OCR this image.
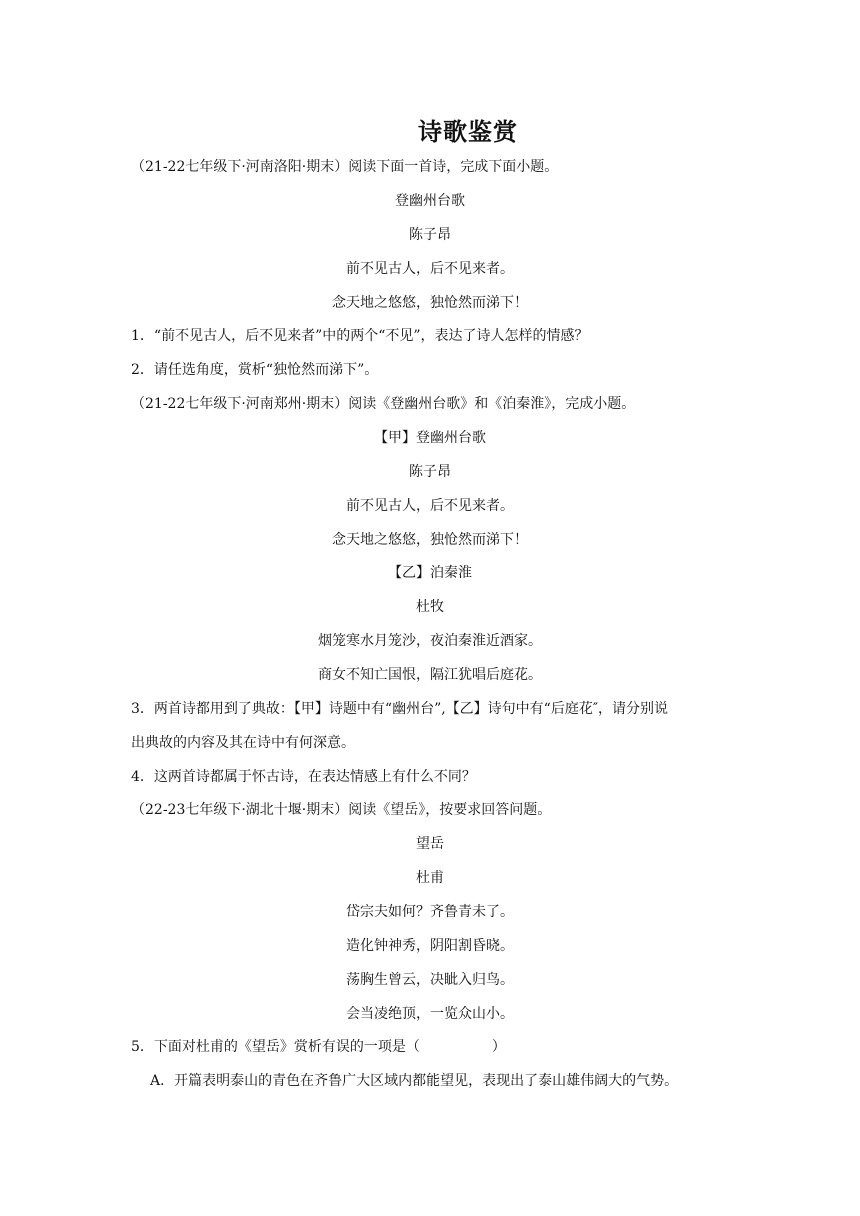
诗歌鉴赏
（21-22七年级下·河南洛阳·期末）阅读下面一首诗，完成下面小题。
登幽州台歌
陈子昂
前不见古人，后不见来者。
念天地之悠悠，独怆然而涕下！
1．“前不见古人，后不见来者”中的两个“不见”，表达了诗人怎样的情感？
2．请任选角度，赏析“独怆然而涕下”。
（21-22七年级下·河南郑州·期末）阅读《登幽州台歌》和《泊秦淮》，完成小题。
【甲】登幽州台歌
陈子昂
前不见古人，后不见来者。
念天地之悠悠，独怆然而涕下！
【乙】泊秦淮
杜牧
烟笼寒水月笼沙，夜泊秦淮近酒家。
商女不知亡国恨，隔江犹唱后庭花。
3．两首诗都用到了典故：【甲】诗题中有“幽州台”,【乙】诗句中有“后庭花″，请分别说
出典故的内容及其在诗中有何深意。
4．这两首诗都属于怀古诗，在表达情感上有什么不同？
（22-23七年级下·湖北十堰·期末）阅读《望岳》，按要求回答问题。
望岳
杜甫
岱宗夫如何？齐鲁青未了。
造化钟神秀，阴阳割昏晓。
荡胸生曾云，决眦入归鸟。
会当凌绝顶，一览众山小。
5．下面对杜甫的《望岳》赏析有误的一项是（	）
A．开篇表明泰山的青色在齐鲁广大区域内都能望见，表现出了泰山雄伟阔大的气势。
